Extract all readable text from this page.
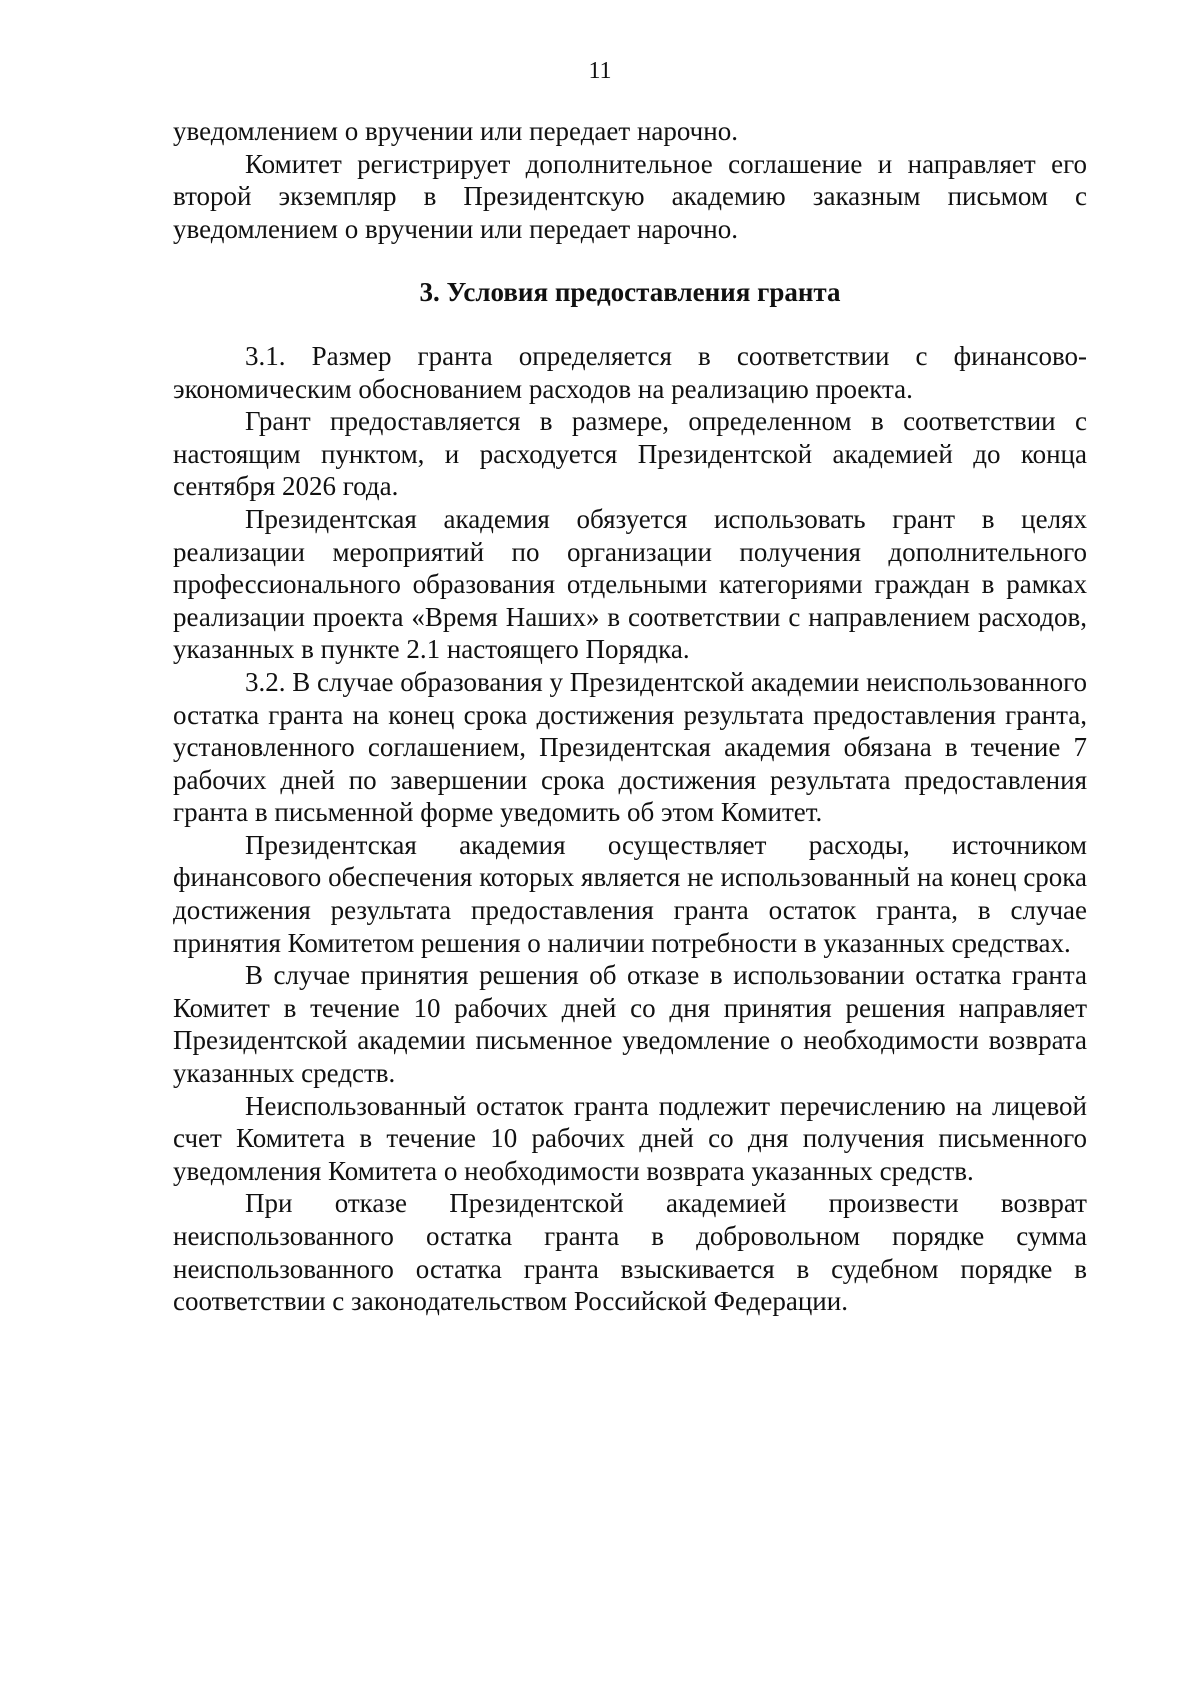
11

уведомлением о вручении или передает нарочно.

Комитет регистрирует дополнительное соглашение и направляет его второй экземпляр в Президентскую академию заказным письмом с уведомлением о вручении или передает нарочно.

3. Условия предоставления гранта

3.1. Размер гранта определяется в соответствии с финансово-экономическим обоснованием расходов на реализацию проекта.

Грант предоставляется в размере, определенном в соответствии с настоящим пунктом, и расходуется Президентской академией до конца сентября 2026 года.

Президентская академия обязуется использовать грант в целях реализации мероприятий по организации получения дополнительного профессионального образования отдельными категориями граждан в рамках реализации проекта «Время Наших» в соответствии с направлением расходов, указанных в пункте 2.1 настоящего Порядка.

3.2. В случае образования у Президентской академии неиспользованного остатка гранта на конец срока достижения результата предоставления гранта, установленного соглашением, Президентская академия обязана в течение 7 рабочих дней по завершении срока достижения результата предоставления гранта в письменной форме уведомить об этом Комитет.

Президентская академия осуществляет расходы, источником финансового обеспечения которых является не использованный на конец срока достижения результата предоставления гранта остаток гранта, в случае принятия Комитетом решения о наличии потребности в указанных средствах.

В случае принятия решения об отказе в использовании остатка гранта Комитет в течение 10 рабочих дней со дня принятия решения направляет Президентской академии письменное уведомление о необходимости возврата указанных средств.

Неиспользованный остаток гранта подлежит перечислению на лицевой счет Комитета в течение 10 рабочих дней со дня получения письменного уведомления Комитета о необходимости возврата указанных средств.

При отказе Президентской академией произвести возврат неиспользованного остатка гранта в добровольном порядке сумма неиспользованного остатка гранта взыскивается в судебном порядке в соответствии с законодательством Российской Федерации.
